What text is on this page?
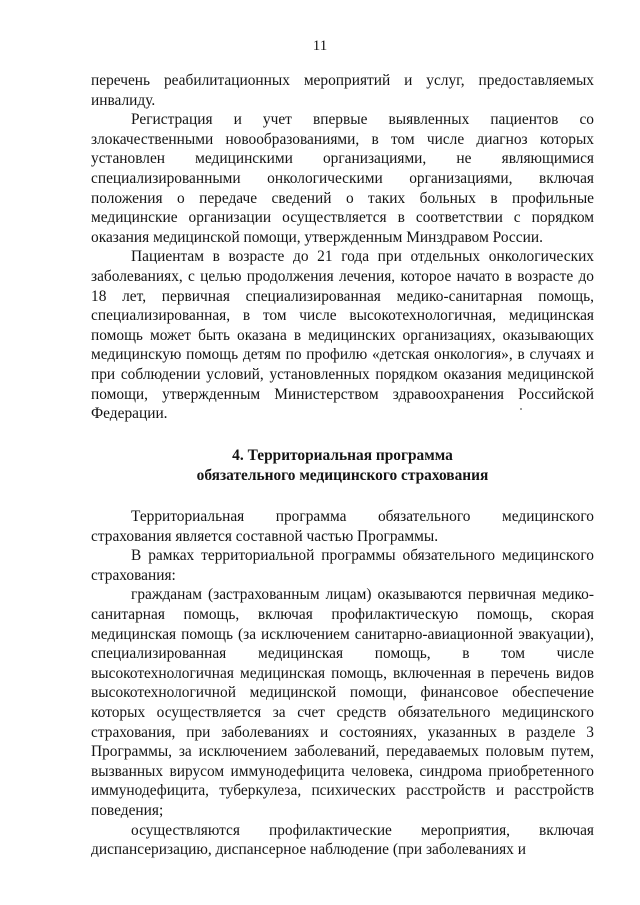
11

перечень реабилитационных мероприятий и услуг, предоставляемых инвалиду.

Регистрация и учет впервые выявленных пациентов со злокачественными новообразованиями, в том числе диагноз которых установлен медицинскими организациями, не являющимися специализированными онкологическими организациями, включая положения о передаче сведений о таких больных в профильные медицинские организации осуществляется в соответствии с порядком оказания медицинской помощи, утвержденным Минздравом России.

Пациентам в возрасте до 21 года при отдельных онкологических заболеваниях, с целью продолжения лечения, которое начато в возрасте до 18 лет, первичная специализированная медико-санитарная помощь, специализированная, в том числе высокотехнологичная, медицинская помощь может быть оказана в медицинских организациях, оказывающих медицинскую помощь детям по профилю «детская онкология», в случаях и при соблюдении условий, установленных порядком оказания медицинской помощи, утвержденным Министерством здравоохранения Российской Федерации.

4. Территориальная программа

обязательного медицинского страхования

Территориальная программа обязательного медицинского страхования является составной частью Программы.

В рамках территориальной программы обязательного медицинского страхования:

гражданам (застрахованным лицам) оказываются первичная медико-санитарная помощь, включая профилактическую помощь, скорая медицинская помощь (за исключением санитарно-авиационной эвакуации), специализированная медицинская помощь, в том числе высокотехнологичная медицинская помощь, включенная в перечень видов высокотехнологичной медицинской помощи, финансовое обеспечение которых осуществляется за счет средств обязательного медицинского страхования, при заболеваниях и состояниях, указанных в разделе 3 Программы, за исключением заболеваний, передаваемых половым путем, вызванных вирусом иммунодефицита человека, синдрома приобретенного иммунодефицита, туберкулеза, психических расстройств и расстройств поведения;

осуществляются профилактические мероприятия, включая диспансеризацию, диспансерное наблюдение (при заболеваниях и
